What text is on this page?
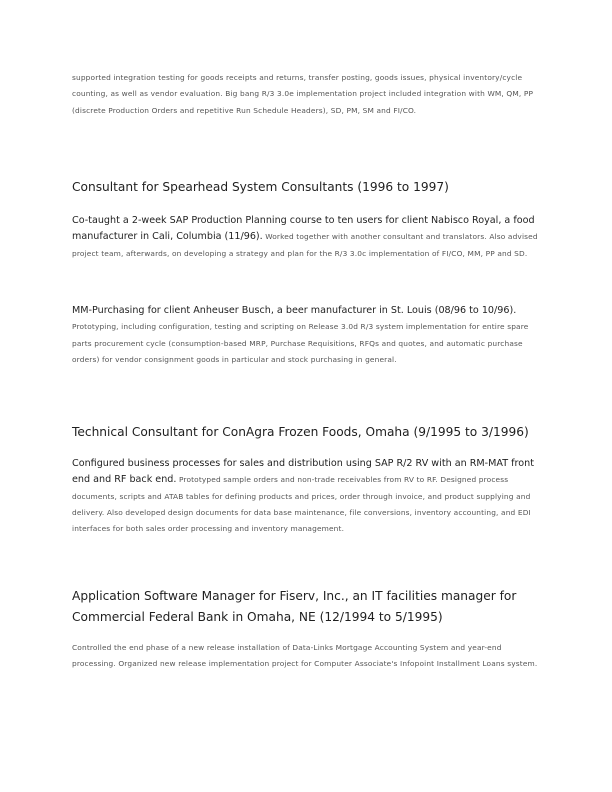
supported integration testing for goods receipts and returns, transfer posting, goods issues, physical inventory/cycle counting, as well as vendor evaluation. Big bang R/3 3.0e implementation project included integration with WM, QM, PP (discrete Production Orders and repetitive Run Schedule Headers), SD, PM, SM and FI/CO.

Consultant for Spearhead System Consultants (1996 to 1997)

Co-taught a 2-week SAP Production Planning course to ten users for client Nabisco Royal, a food manufacturer in Cali, Columbia (11/96). Worked together with another consultant and translators. Also advised project team, afterwards, on developing a strategy and plan for the R/3 3.0c implementation of FI/CO, MM, PP and SD.

MM-Purchasing for client Anheuser Busch, a beer manufacturer in St. Louis (08/96 to 10/96). Prototyping, including configuration, testing and scripting on Release 3.0d R/3 system implementation for entire spare parts procurement cycle (consumption-based MRP, Purchase Requisitions, RFQs and quotes, and automatic purchase orders) for vendor consignment goods in particular and stock purchasing in general.

Technical Consultant for ConAgra Frozen Foods, Omaha (9/1995 to 3/1996)

Configured business processes for sales and distribution using SAP R/2 RV with an RM-MAT front end and RF back end. Prototyped sample orders and non-trade receivables from RV to RF. Designed process documents, scripts and ATAB tables for defining products and prices, order through invoice, and product supplying and delivery. Also developed design documents for data base maintenance, file conversions, inventory accounting, and EDI interfaces for both sales order processing and inventory management.

Application Software Manager for Fiserv, Inc., an IT facilities manager for Commercial Federal Bank in Omaha, NE (12/1994 to 5/1995)

Controlled the end phase of a new release installation of Data-Links Mortgage Accounting System and year-end processing. Organized new release implementation project for Computer Associate's Infopoint Installment Loans system.
